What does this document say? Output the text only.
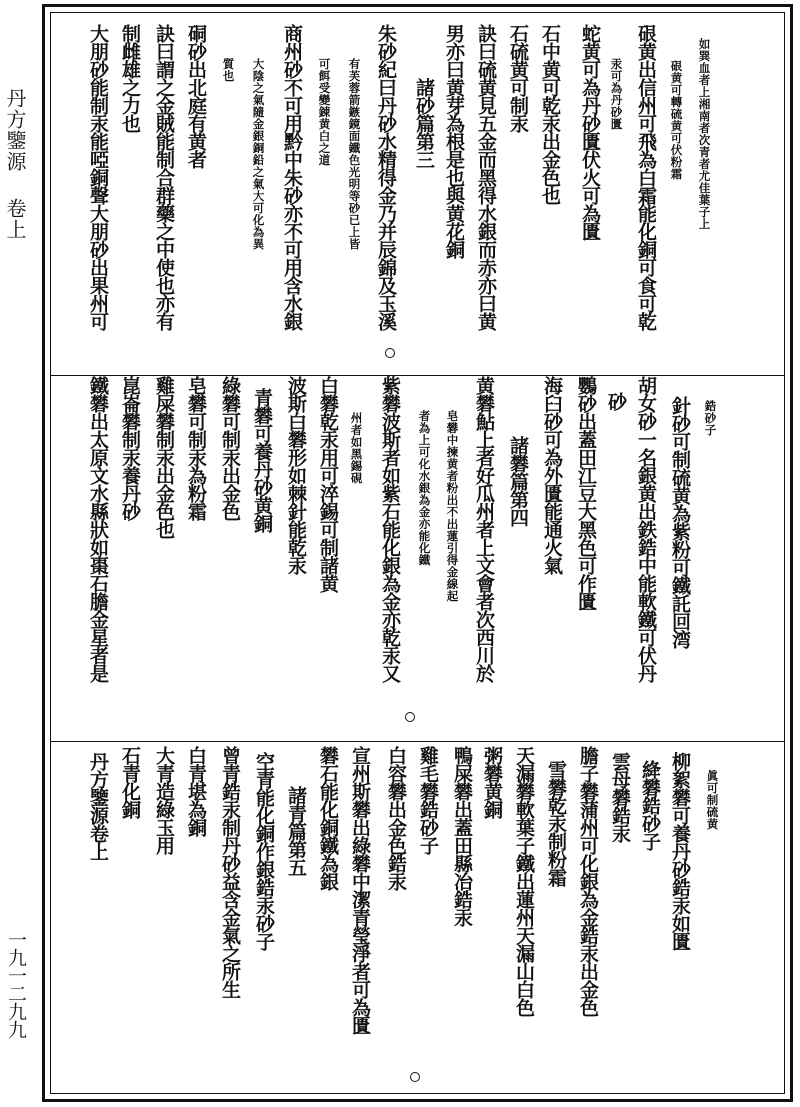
丹方鑒源
卷上
一九一二九九
如巽血者上湘南者次青者尤佳葉子上
硍黄可轉硫黄可伏粉霜
硍黄出信州可飛為白霜能化銅可食可乾
汞可為丹砂匱
蛇黄可為丹砂匱伏火可為匱
石中黄可乾汞出金色也
石硫黄可制汞
訣曰硫黄見五金而黑得水銀而赤亦曰黄
男亦曰黄芽為根是也與黄花銅
諸砂篇第三
朱砂紀曰丹砂水精得金乃并辰錦及玉溪
有芙蓉箭鏃鏡面鐵色光明等砂已上皆
可餌受變錬黄白之道
商州砂不可用黔中朱砂亦不可用含水銀
大陰之氣隨金銀銅鉛之氣大可化為異
質也
硐砂出北庭有黄者
訣曰謂之金賊能制合群藥之中使也亦有
制雌雄之力也
大朋砂能制汞能啞銅聲大朋砂出果州可
鋯砂子
針砂可制硫黄為紫粉可鐵託回湾
胡女砂一名銀黄出鉄鋯中能軟鐵可伏丹
砂
鸚砂出蓋田江豆大黑色可作匱
海臼砂可為外匱能通火氣
黄礬鮎上者好瓜州者上文會者次西川於
皂礬中揀黄者粉出不出蓮引得金線起
者為上可化水銀為金亦能化鐵	諸礬篇第四
紫礬波斯者如紫石能化銀為金亦乾汞又
州者如黑錫硯
白礬乾汞用可淬錫可制諸黄
波斯白礬形如棘針能乾汞
青礬可養丹砂黄銅
綠礬可制汞出金色
皂礬可制汞為粉霜
雞屎礬制汞出金色也
崑崙礬制汞養丹砂
鐵礬出太原文水縣狀如棗石膽金星者是
眞可制硫黄
柳絮礬可養丹砂鋯汞如匱
絳礬鋯砂子
雲母礬鋯汞
膽子礬蒲州可化銀為金鋯汞出金色
雪礬乾汞制粉霜
天漏礬軟葉子鐵出蓮州天漏山白色
粥礬黄銅
鴨屎礬出蓋田縣冶鋯汞
雞毛礬鋯砂子
白容礬出金色鋯汞
宣州斯礬出綠礬中潔青瑩淨者可為匱
礬石能化銅鐵為銀
諸青篇第五
空青能化銅作銀鋯汞砂子
曾青鋯汞制丹砂益含金氣之所生
白青堪為銅
大青造綠玉用
石青化銅
丹方鑒源卷上
